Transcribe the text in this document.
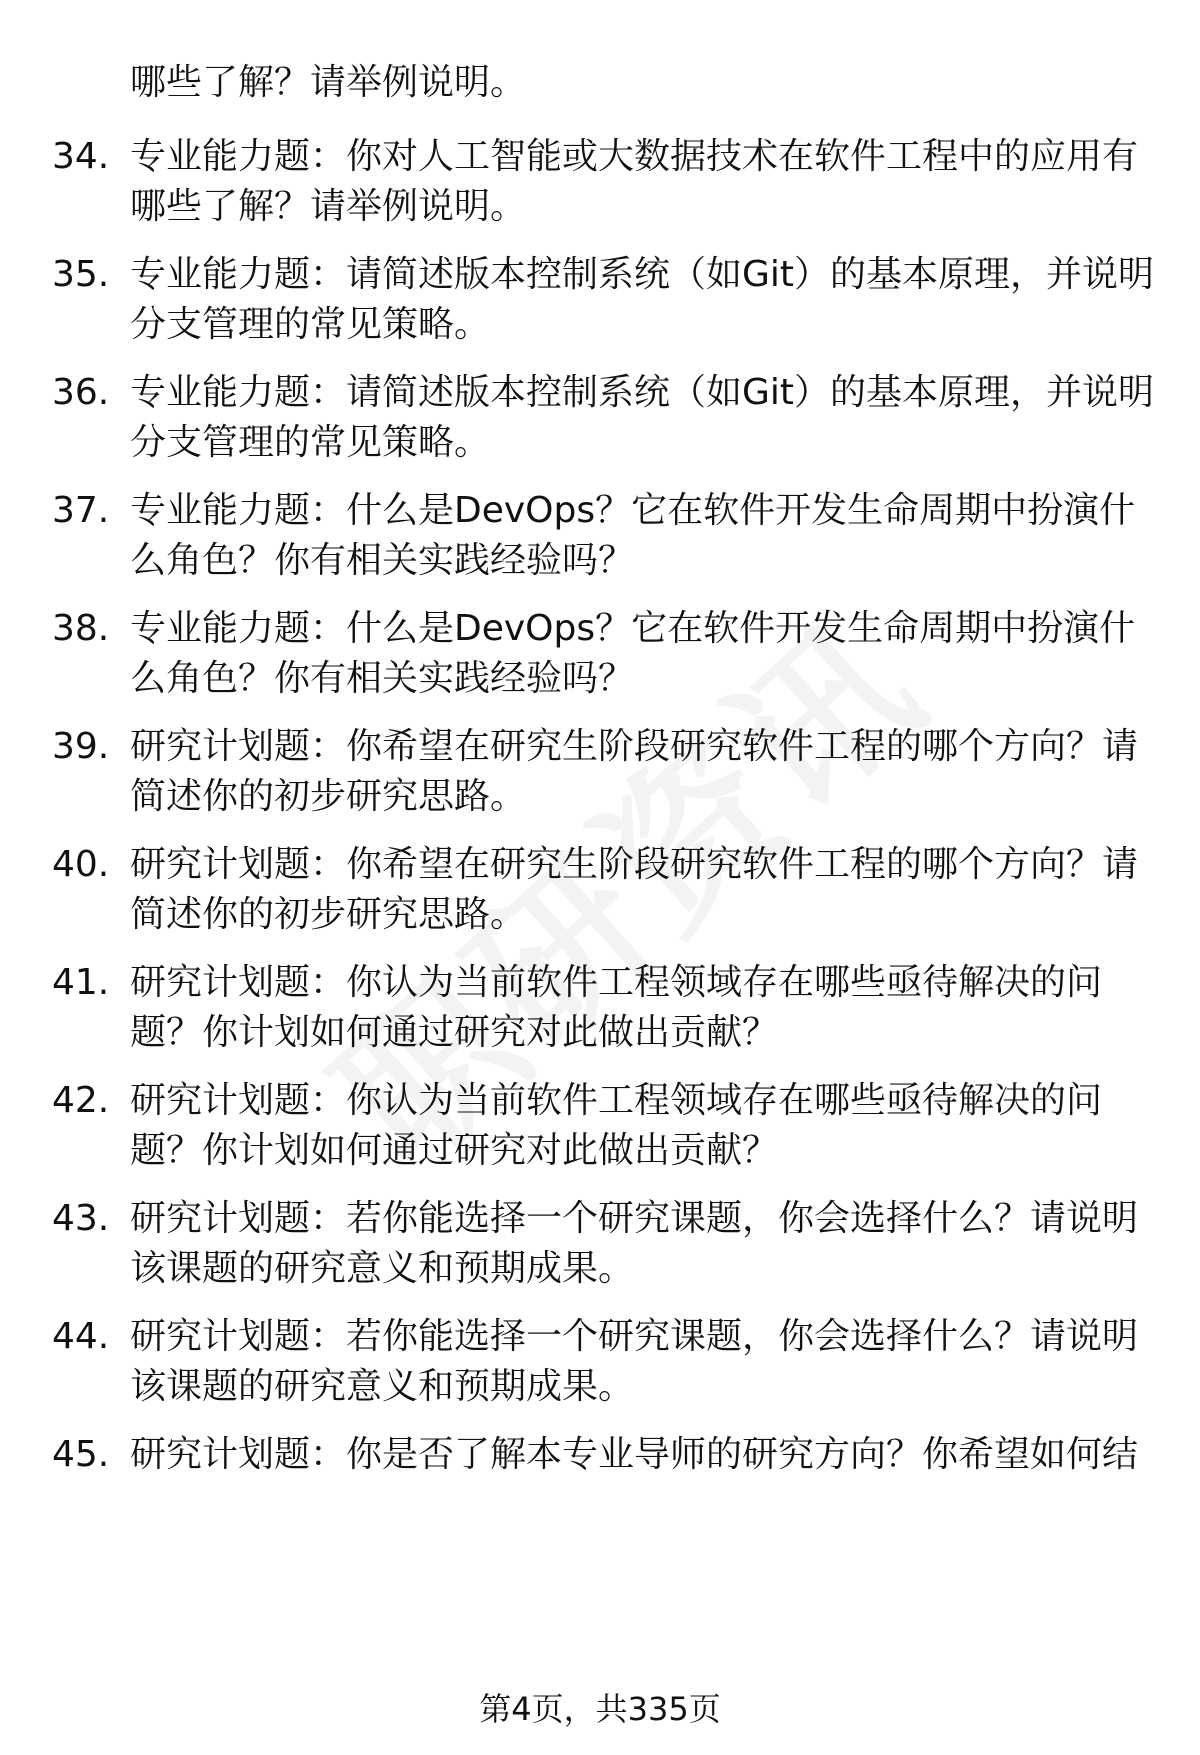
哪些了解？请举例说明。

34. 专业能力题：你对人工智能或大数据技术在软件工程中的应用有
哪些了解？请举例说明。
35. 专业能力题：请简述版本控制系统（如Git）的基本原理，并说明
分支管理的常见策略。
36. 专业能力题：请简述版本控制系统（如Git）的基本原理，并说明
分支管理的常见策略。
37. 专业能力题：什么是DevOps？它在软件开发生命周期中扮演什
么角色？你有相关实践经验吗？
38. 专业能力题：什么是DevOps？它在软件开发生命周期中扮演什
么角色？你有相关实践经验吗？
39. 研究计划题：你希望在研究生阶段研究软件工程的哪个方向？请
简述你的初步研究思路。
40. 研究计划题：你希望在研究生阶段研究软件工程的哪个方向？请
简述你的初步研究思路。
41. 研究计划题：你认为当前软件工程领域存在哪些亟待解决的问
题？你计划如何通过研究对此做出贡献？
42. 研究计划题：你认为当前软件工程领域存在哪些亟待解决的问
题？你计划如何通过研究对此做出贡献？
43. 研究计划题：若你能选择一个研究课题，你会选择什么？请说明
该课题的研究意义和预期成果。
44. 研究计划题：若你能选择一个研究课题，你会选择什么？请说明
该课题的研究意义和预期成果。
45. 研究计划题：你是否了解本专业导师的研究方向？你希望如何结
第4页，共335页
